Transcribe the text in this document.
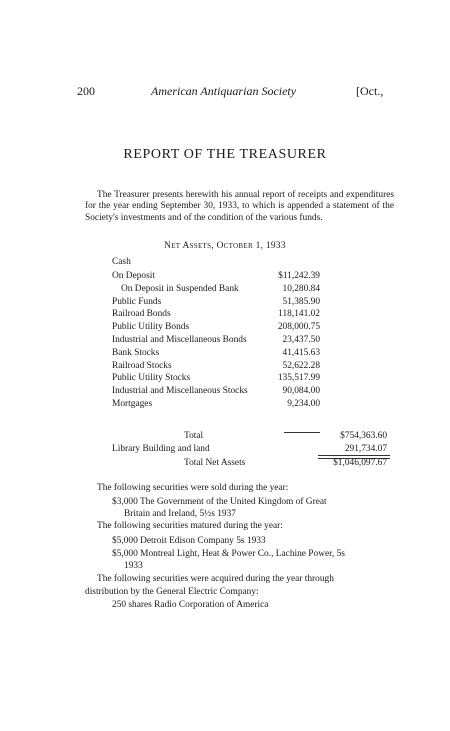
200	American Antiquarian Society	[Oct.,
REPORT OF THE TREASURER
The Treasurer presents herewith his annual report of receipts and expenditures for the year ending September 30, 1933, to which is appended a statement of the Society's investments and of the condition of the various funds.
Net Assets, October 1, 1933
Cash
On Deposit	$11,242.39
On Deposit in Suspended Bank	10,280.84
Public Funds	51,385.90
Railroad Bonds	118,141.02
Public Utility Bonds	208,000.75
Industrial and Miscellaneous Bonds	23,437.50
Bank Stocks	41,415.63
Railroad Stocks	52,622.28
Public Utility Stocks	135,517.99
Industrial and Miscellaneous Stocks	90,084.00
Mortgages	9,234.00
Total	$754,363.60
Library Building and land	291,734.07
Total Net Assets	$1,046,097.67
The following securities were sold during the year:
$3,000 The Government of the United Kingdom of Great
Britain and Ireland, 5½s 1937
The following securities matured during the year:
$5,000 Detroit Edison Company 5s 1933
$5,000 Montreal Light, Heat & Power Co., Lachine Power, 5s
1933
The following securities were acquired during the year through
distribution by the General Electric Company:
250 shares Radio Corporation of America
